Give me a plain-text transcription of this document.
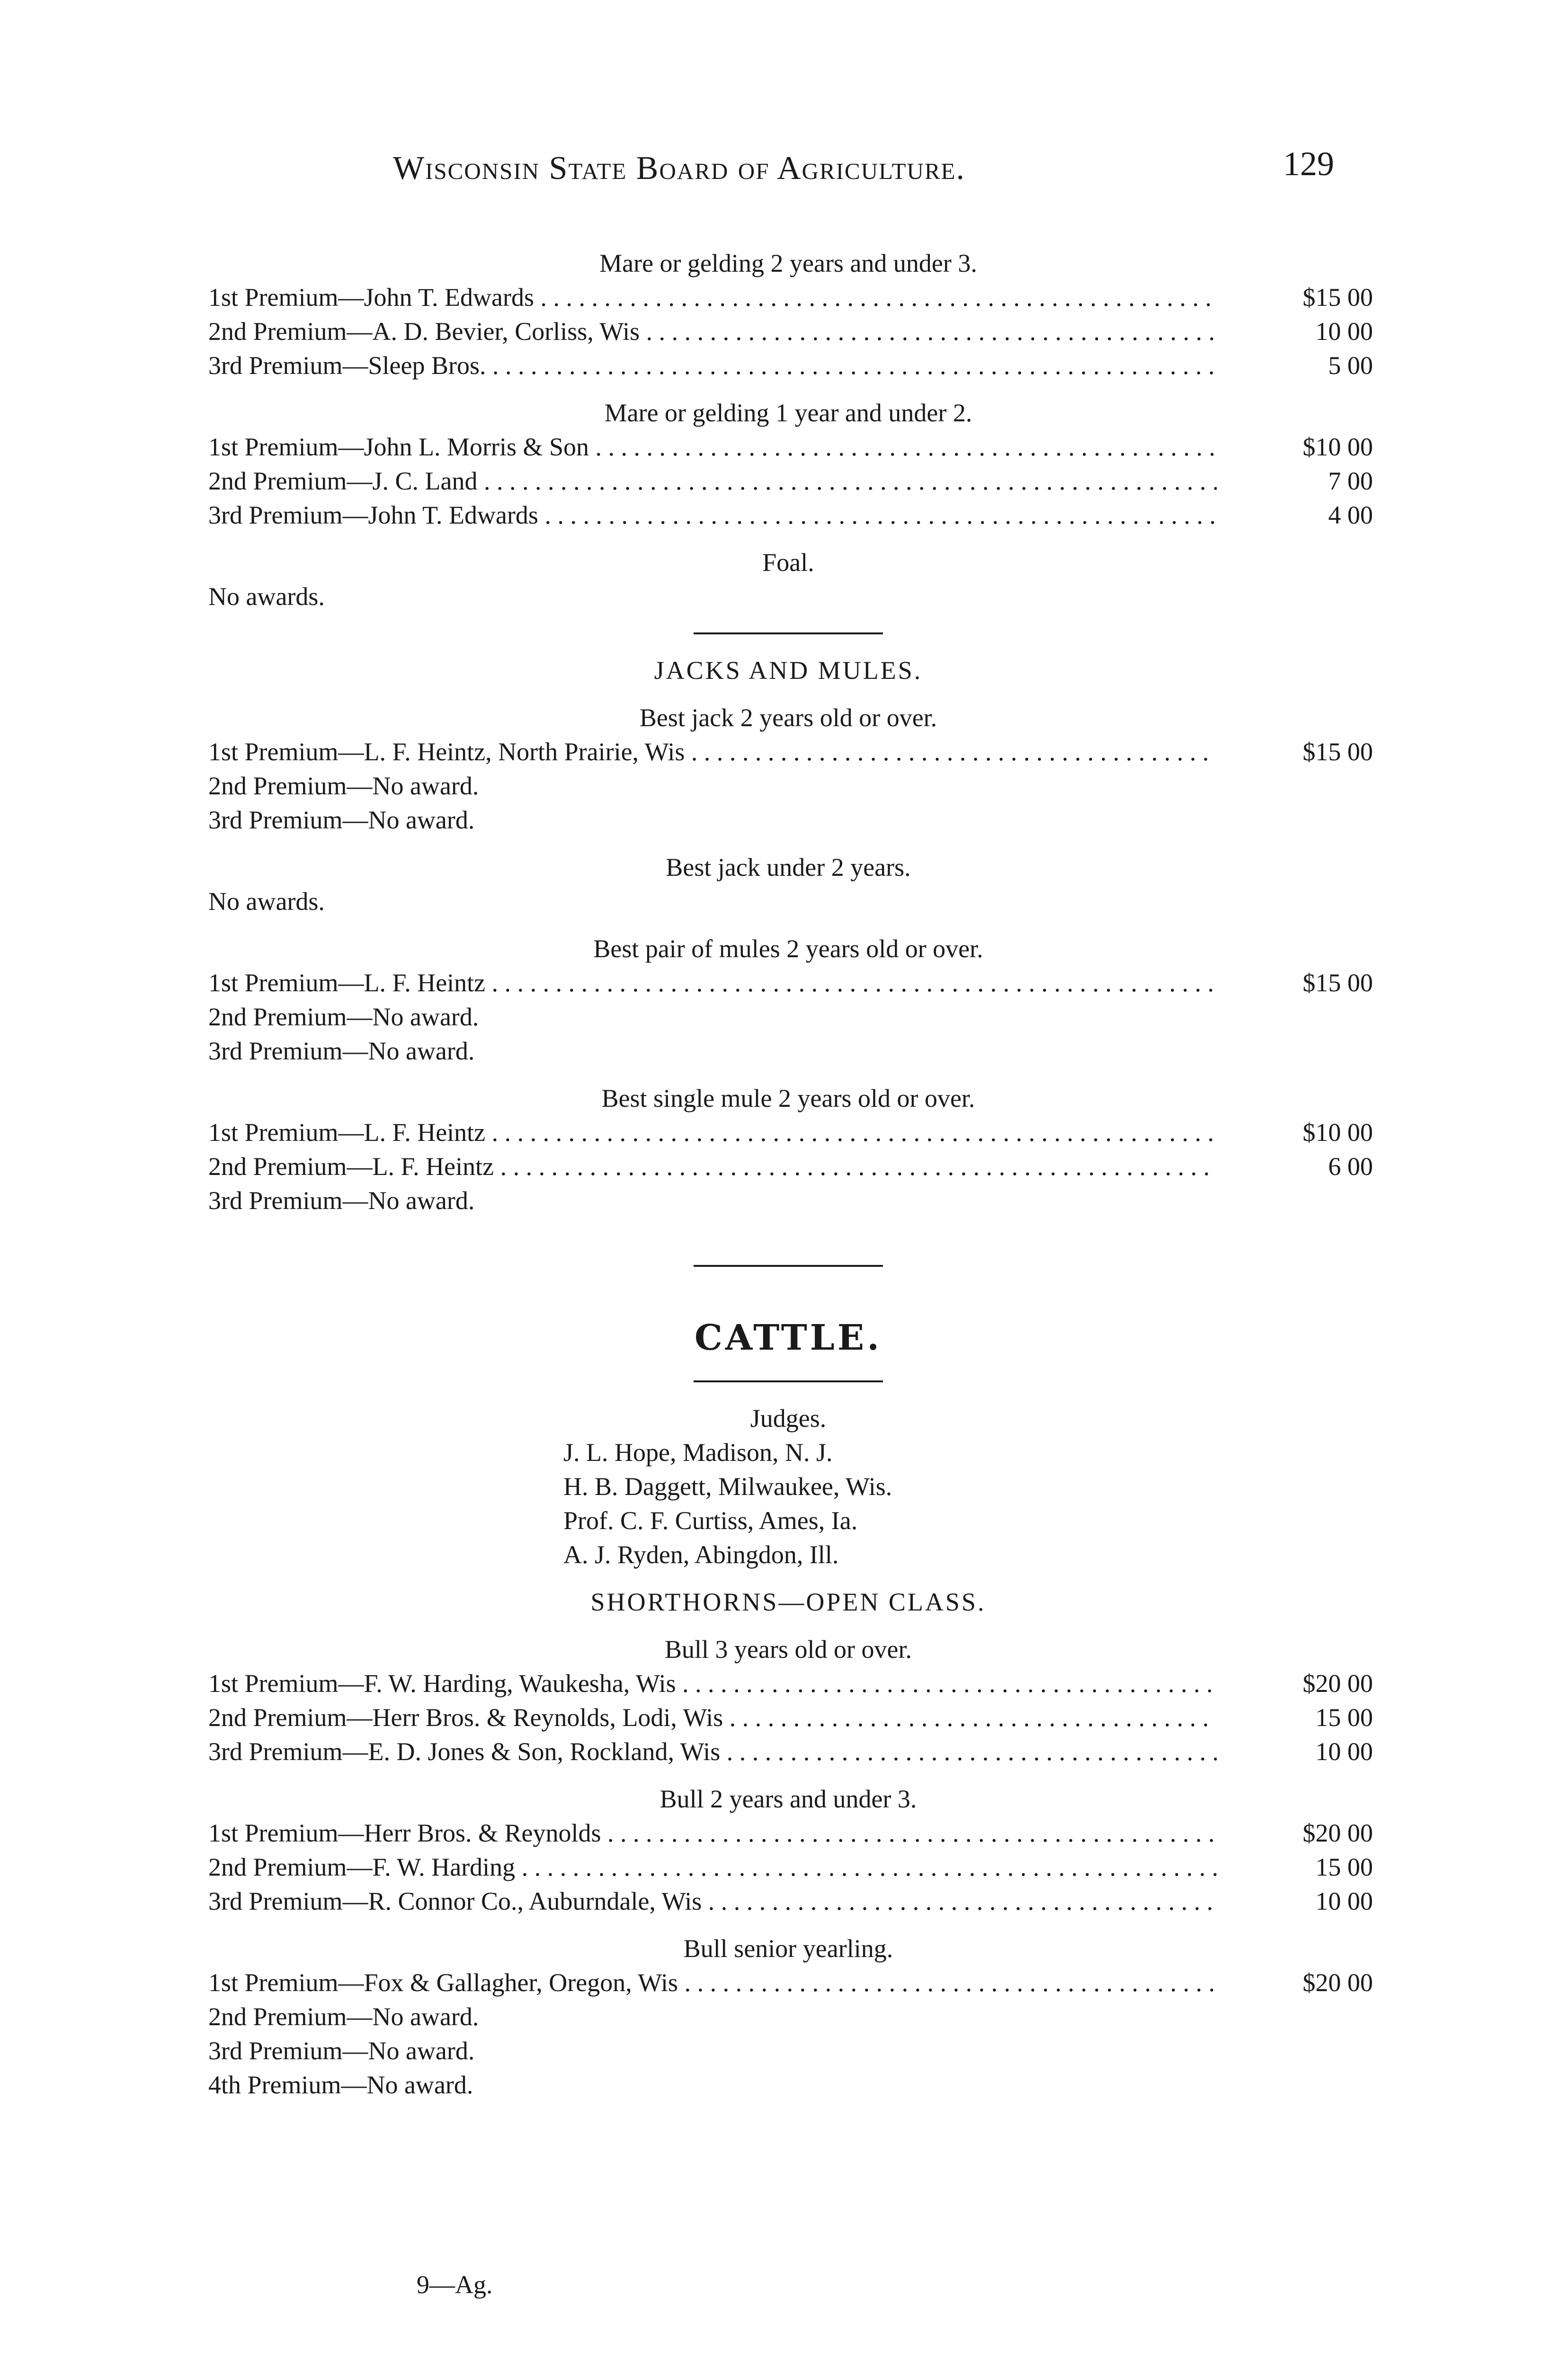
Wisconsin State Board of Agriculture.	129
Mare or gelding 2 years and under 3.
1st Premium—John T. Edwards . . .	$15 00
2nd Premium—A. D. Bevier, Corliss, Wis . . .	10 00
3rd Premium—Sleep Bros. . . .	5 00
Mare or gelding 1 year and under 2.
1st Premium—John L. Morris & Son . . .	$10 00
2nd Premium—J. C. Land . . .	7 00
3rd Premium—John T. Edwards . . .	4 00
Foal.
No awards.
JACKS AND MULES.
Best jack 2 years old or over.
1st Premium—L. F. Heintz, North Prairie, Wis . . .	$15 00
2nd Premium—No award.
3rd Premium—No award.
Best jack under 2 years.
No awards.
Best pair of mules 2 years old or over.
1st Premium—L. F. Heintz . . .	$15 00
2nd Premium—No award.
3rd Premium—No award.
Best single mule 2 years old or over.
1st Premium—L. F. Heintz . . .	$10 00
2nd Premium—L. F. Heintz . . .	6 00
3rd Premium—No award.
CATTLE.
Judges.
J. L. Hope, Madison, N. J.
H. B. Daggett, Milwaukee, Wis.
Prof. C. F. Curtiss, Ames, Ia.
A. J. Ryden, Abingdon, Ill.
SHORTHORNS—OPEN CLASS.
Bull 3 years old or over.
1st Premium—F. W. Harding, Waukesha, Wis . . .	$20 00
2nd Premium—Herr Bros. & Reynolds, Lodi, Wis . . .	15 00
3rd Premium—E. D. Jones & Son, Rockland, Wis . . .	10 00
Bull 2 years and under 3.
1st Premium—Herr Bros. & Reynolds . . .	$20 00
2nd Premium—F. W. Harding . . .	15 00
3rd Premium—R. Connor Co., Auburndale, Wis . . .	10 00
Bull senior yearling.
1st Premium—Fox & Gallagher, Oregon, Wis . . .	$20 00
2nd Premium—No award.
3rd Premium—No award.
4th Premium—No award.
9—Ag.
